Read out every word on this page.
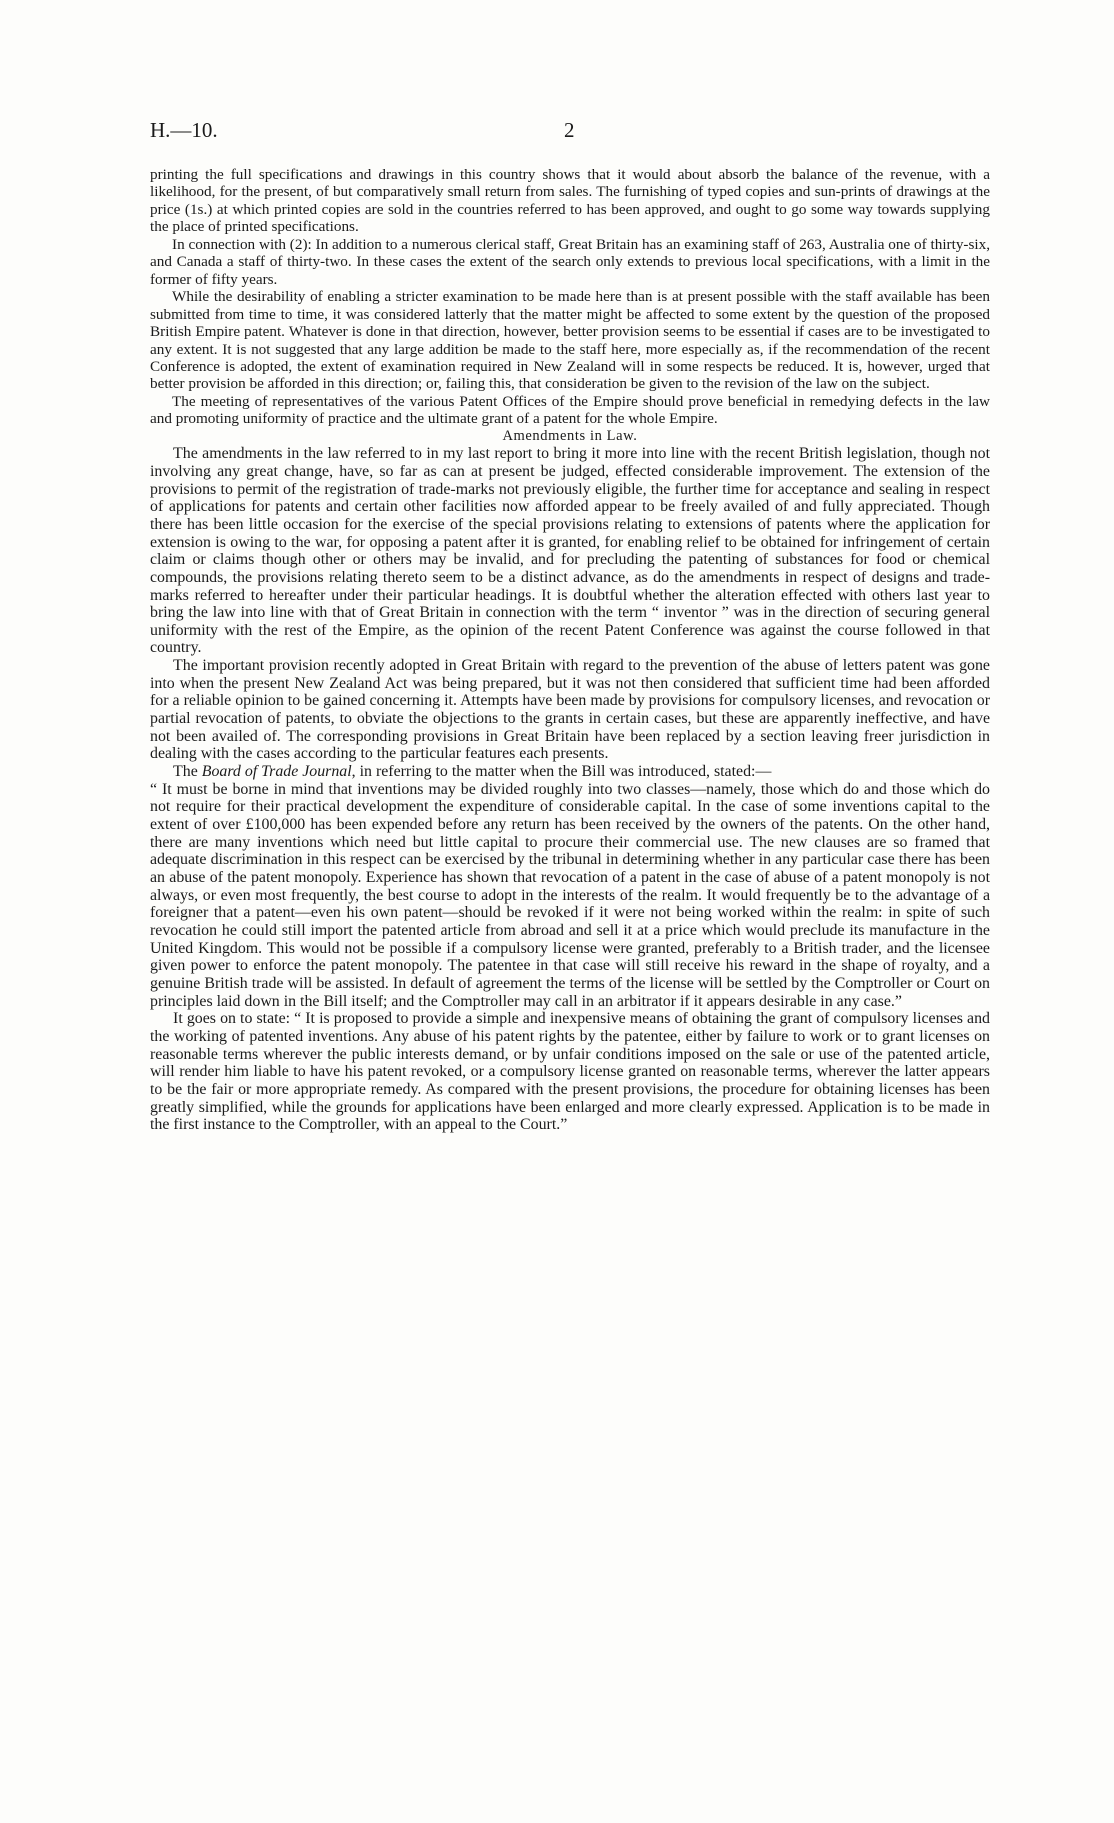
H.—10.	2

printing the full specifications and drawings in this country shows that it would about absorb the balance of the revenue, with a likelihood, for the present, of but comparatively small return from sales. The furnishing of typed copies and sun-prints of drawings at the price (1s.) at which printed copies are sold in the countries referred to has been approved, and ought to go some way towards supplying the place of printed specifications.

In connection with (2): In addition to a numerous clerical staff, Great Britain has an examining staff of 263, Australia one of thirty-six, and Canada a staff of thirty-two. In these cases the extent of the search only extends to previous local specifications, with a limit in the former of fifty years.

While the desirability of enabling a stricter examination to be made here than is at present possible with the staff available has been submitted from time to time, it was considered latterly that the matter might be affected to some extent by the question of the proposed British Empire patent. Whatever is done in that direction, however, better provision seems to be essential if cases are to be investigated to any extent. It is not suggested that any large addition be made to the staff here, more especially as, if the recommendation of the recent Conference is adopted, the extent of examination required in New Zealand will in some respects be reduced. It is, however, urged that better provision be afforded in this direction; or, failing this, that consideration be given to the revision of the law on the subject.

The meeting of representatives of the various Patent Offices of the Empire should prove beneficial in remedying defects in the law and promoting uniformity of practice and the ultimate grant of a patent for the whole Empire.

Amendments in Law.

The amendments in the law referred to in my last report to bring it more into line with the recent British legislation, though not involving any great change, have, so far as can at present be judged, effected considerable improvement. The extension of the provisions to permit of the registration of trade-marks not previously eligible, the further time for acceptance and sealing in respect of applications for patents and certain other facilities now afforded appear to be freely availed of and fully appreciated. Though there has been little occasion for the exercise of the special provisions relating to extensions of patents where the application for extension is owing to the war, for opposing a patent after it is granted, for enabling relief to be obtained for infringement of certain claim or claims though other or others may be invalid, and for precluding the patenting of substances for food or chemical compounds, the provisions relating thereto seem to be a distinct advance, as do the amendments in respect of designs and trade-marks referred to hereafter under their particular headings. It is doubtful whether the alteration effected with others last year to bring the law into line with that of Great Britain in connection with the term “ inventor ” was in the direction of securing general uniformity with the rest of the Empire, as the opinion of the recent Patent Conference was against the course followed in that country.

The important provision recently adopted in Great Britain with regard to the prevention of the abuse of letters patent was gone into when the present New Zealand Act was being prepared, but it was not then considered that sufficient time had been afforded for a reliable opinion to be gained concerning it. Attempts have been made by provisions for compulsory licenses, and revocation or partial revocation of patents, to obviate the objections to the grants in certain cases, but these are apparently ineffective, and have not been availed of. The corresponding provisions in Great Britain have been replaced by a section leaving freer jurisdiction in dealing with the cases according to the particular features each presents.

The Board of Trade Journal, in referring to the matter when the Bill was introduced, stated:—

“ It must be borne in mind that inventions may be divided roughly into two classes—namely, those which do and those which do not require for their practical development the expenditure of considerable capital. In the case of some inventions capital to the extent of over £100,000 has been expended before any return has been received by the owners of the patents. On the other hand, there are many inventions which need but little capital to procure their commercial use. The new clauses are so framed that adequate discrimination in this respect can be exercised by the tribunal in determining whether in any particular case there has been an abuse of the patent monopoly. Experience has shown that revocation of a patent in the case of abuse of a patent monopoly is not always, or even most frequently, the best course to adopt in the interests of the realm. It would frequently be to the advantage of a foreigner that a patent—even his own patent—should be revoked if it were not being worked within the realm: in spite of such revocation he could still import the patented article from abroad and sell it at a price which would preclude its manufacture in the United Kingdom. This would not be possible if a compulsory license were granted, preferably to a British trader, and the licensee given power to enforce the patent monopoly. The patentee in that case will still receive his reward in the shape of royalty, and a genuine British trade will be assisted. In default of agreement the terms of the license will be settled by the Comptroller or Court on principles laid down in the Bill itself; and the Comptroller may call in an arbitrator if it appears desirable in any case.”

It goes on to state: “ It is proposed to provide a simple and inexpensive means of obtaining the grant of compulsory licenses and the working of patented inventions. Any abuse of his patent rights by the patentee, either by failure to work or to grant licenses on reasonable terms wherever the public interests demand, or by unfair conditions imposed on the sale or use of the patented article, will render him liable to have his patent revoked, or a compulsory license granted on reasonable terms, wherever the latter appears to be the fair or more appropriate remedy. As compared with the present provisions, the procedure for obtaining licenses has been greatly simplified, while the grounds for applications have been enlarged and more clearly expressed. Application is to be made in the first instance to the Comptroller, with an appeal to the Court.”
